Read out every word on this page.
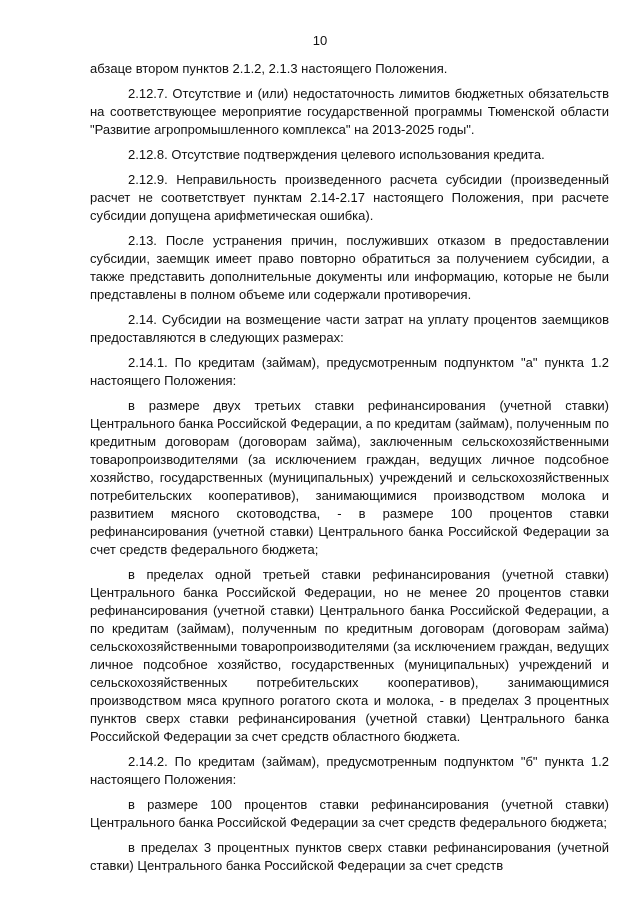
10

абзаце втором пунктов 2.1.2, 2.1.3 настоящего Положения.

2.12.7. Отсутствие и (или) недостаточность лимитов бюджетных обязательств на соответствующее мероприятие государственной программы Тюменской области "Развитие агропромышленного комплекса" на 2013-2025 годы".

2.12.8. Отсутствие подтверждения целевого использования кредита.

2.12.9. Неправильность произведенного расчета субсидии (произведенный расчет не соответствует пунктам 2.14-2.17 настоящего Положения, при расчете субсидии допущена арифметическая ошибка).

2.13. После устранения причин, послуживших отказом в предоставлении субсидии, заемщик имеет право повторно обратиться за получением субсидии, а также представить дополнительные документы или информацию, которые не были представлены в полном объеме или содержали противоречия.

2.14. Субсидии на возмещение части затрат на уплату процентов заемщиков предоставляются в следующих размерах:

2.14.1. По кредитам (займам), предусмотренным подпунктом "а" пункта 1.2 настоящего Положения:

в размере двух третьих ставки рефинансирования (учетной ставки) Центрального банка Российской Федерации, а по кредитам (займам), полученным по кредитным договорам (договорам займа), заключенным сельскохозяйственными товаропроизводителями (за исключением граждан, ведущих личное подсобное хозяйство, государственных (муниципальных) учреждений и сельскохозяйственных потребительских кооперативов), занимающимися производством молока и развитием мясного скотоводства, - в размере 100 процентов ставки рефинансирования (учетной ставки) Центрального банка Российской Федерации за счет средств федерального бюджета;

в пределах одной третьей ставки рефинансирования (учетной ставки) Центрального банка Российской Федерации, но не менее 20 процентов ставки рефинансирования (учетной ставки) Центрального банка Российской Федерации, а по кредитам (займам), полученным по кредитным договорам (договорам займа) сельскохозяйственными товаропроизводителями (за исключением граждан, ведущих личное подсобное хозяйство, государственных (муниципальных) учреждений и сельскохозяйственных потребительских кооперативов), занимающимися производством мяса крупного рогатого скота и молока, - в пределах 3 процентных пунктов сверх ставки рефинансирования (учетной ставки) Центрального банка Российской Федерации за счет средств областного бюджета.

2.14.2. По кредитам (займам), предусмотренным подпунктом "б" пункта 1.2 настоящего Положения:

в размере 100 процентов ставки рефинансирования (учетной ставки) Центрального банка Российской Федерации за счет средств федерального бюджета;

в пределах 3 процентных пунктов сверх ставки рефинансирования (учетной ставки) Центрального банка Российской Федерации за счет средств
